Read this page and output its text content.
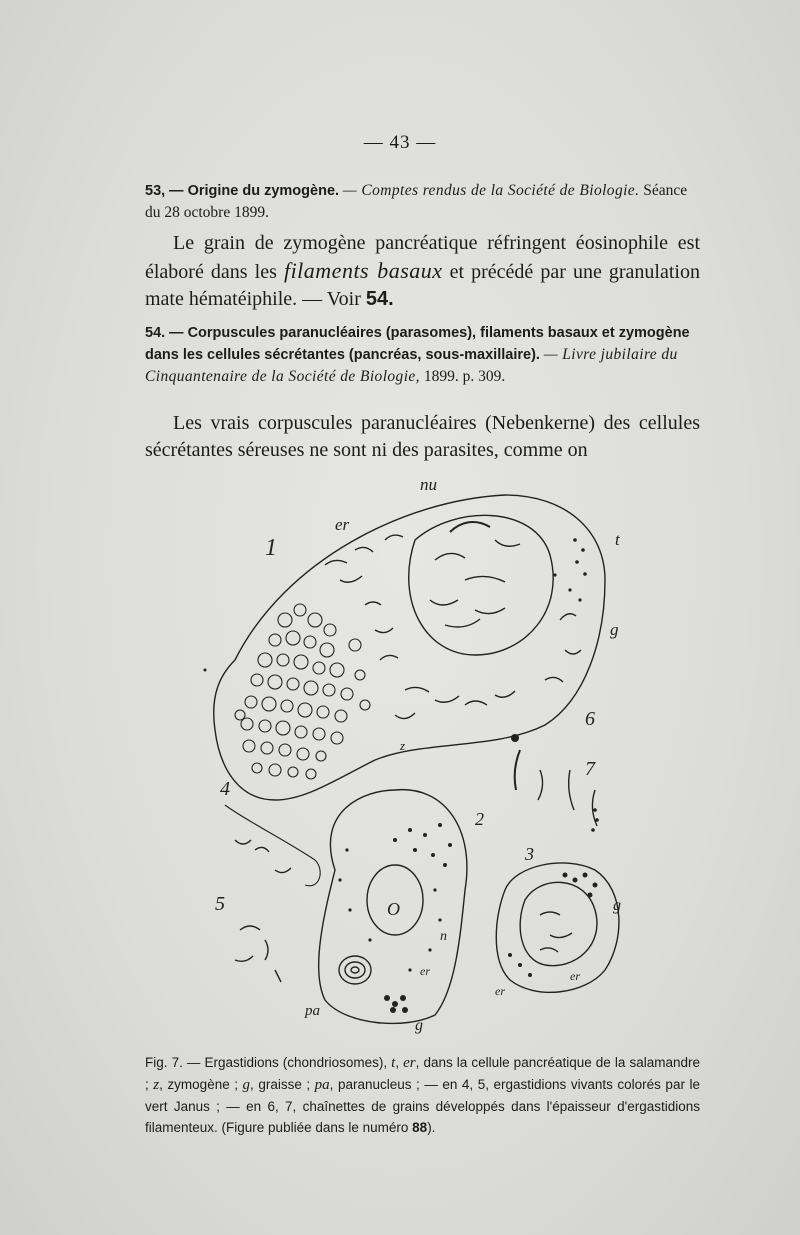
— 43 —
53, — Origine du zymogène. — Comptes rendus de la Société de Biologie. Séance du 28 octobre 1899.
Le grain de zymogène pancréatique réfringent éosinophile est élaboré dans les filaments basaux et précédé par une granulation mate hématéiphile. — Voir 54.
54. — Corpuscules paranucléaires (parasomes), filaments basaux et zymogène dans les cellules sécrétantes (pancréas, sous-maxillaire). — Livre jubilaire du Cinquantenaire de la Société de Biologie, 1899. p. 309.
Les vrais corpuscules paranucléaires (Nebenkerne) des cellules sécrétantes séreuses ne sont ni des parasites, comme on
nu
er
t
g
1
2
3
4
5
6
7
z
O
n
pa
g
g
er	er
er
Fig. 7. — Ergastidions (chondriosomes), t, er, dans la cellule pancréatique de la salamandre ; z, zymogène ; g, graisse ; pa, paranucleus ; — en 4, 5, ergastidions vivants colorés par le vert Janus ; — en 6, 7, chaînettes de grains développés dans l'épaisseur d'ergastidions filamenteux. (Figure publiée dans le numéro 88).
